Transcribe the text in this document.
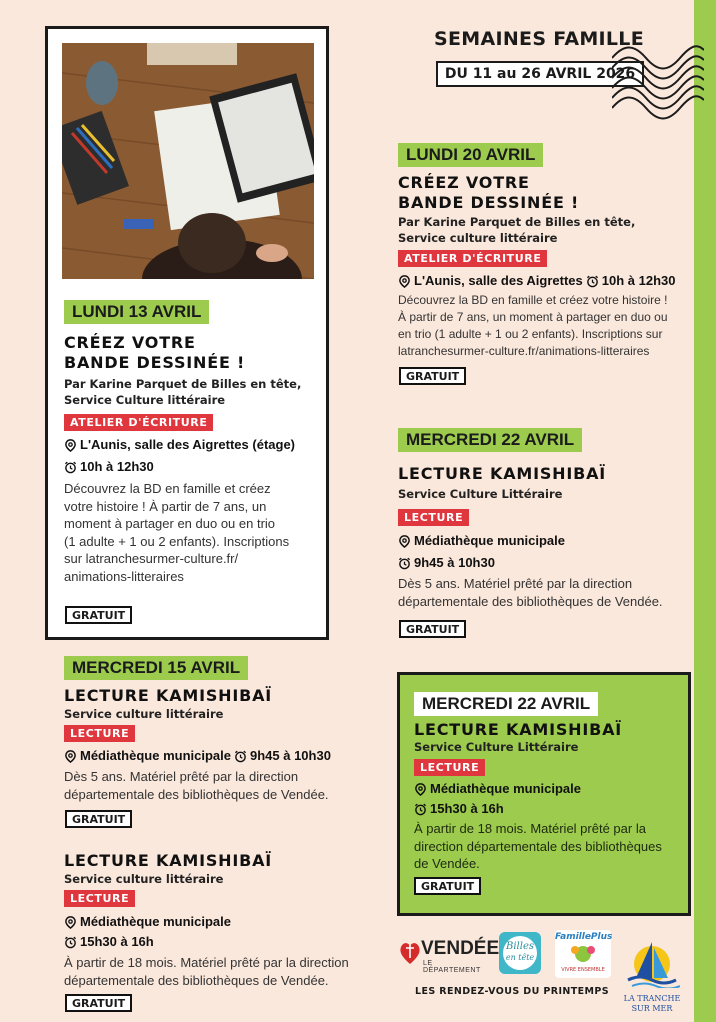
SEMAINES FAMILLE
DU 11 au 26 AVRIL 2026
LUNDI 13 AVRIL
CRÉEZ VOTRE
BANDE DESSINÉE !
Par Karine Parquet de Billes en tête,
Service Culture littéraire
ATELIER D'ÉCRITURE
L'Aunis, salle des Aigrettes (étage)
10h à 12h30
Découvrez la BD en famille et créez
votre histoire ! À partir de 7 ans, un
moment à partager en duo ou en trio
(1 adulte + 1 ou 2 enfants). Inscriptions
sur latranchesurmer-culture.fr/
animations-litteraires
GRATUIT
MERCREDI 15 AVRIL
LECTURE KAMISHIBAÏ
Service culture littéraire
LECTURE
Médiathèque municipale 9h45 à 10h30
Dès 5 ans. Matériel prêté par la direction
départementale des bibliothèques de Vendée.
GRATUIT
LECTURE KAMISHIBAÏ
Service culture littéraire
LECTURE
Médiathèque municipale
15h30 à 16h
À partir de 18 mois. Matériel prêté par la direction
départementale des bibliothèques de Vendée.
GRATUIT
LUNDI 20 AVRIL
CRÉEZ VOTRE
BANDE DESSINÉE !
Par Karine Parquet de Billes en tête,
Service culture littéraire
ATELIER D'ÉCRITURE
L'Aunis, salle des Aigrettes 10h à 12h30
Découvrez la BD en famille et créez votre histoire !
À partir de 7 ans, un moment à partager en duo ou
en trio (1 adulte + 1 ou 2 enfants). Inscriptions sur
latranchesurmer-culture.fr/animations-litteraires
GRATUIT
MERCREDI 22 AVRIL
LECTURE KAMISHIBAÏ
Service Culture Littéraire
LECTURE
Médiathèque municipale
9h45 à 10h30
Dès 5 ans. Matériel prêté par la direction
départementale des bibliothèques de Vendée.
GRATUIT
MERCREDI 22 AVRIL
LECTURE KAMISHIBAÏ
Service Culture Littéraire
LECTURE
Médiathèque municipale
15h30 à 16h
À partir de 18 mois. Matériel prêté par la
direction départementale des bibliothèques
de Vendée.
GRATUIT
VENDÉE
LE DÉPARTEMENT
Billes
en tête
FamillePlus
VIVRE ENSEMBLE
LA TRANCHE
SUR MER
LES RENDEZ-VOUS DU PRINTEMPS
